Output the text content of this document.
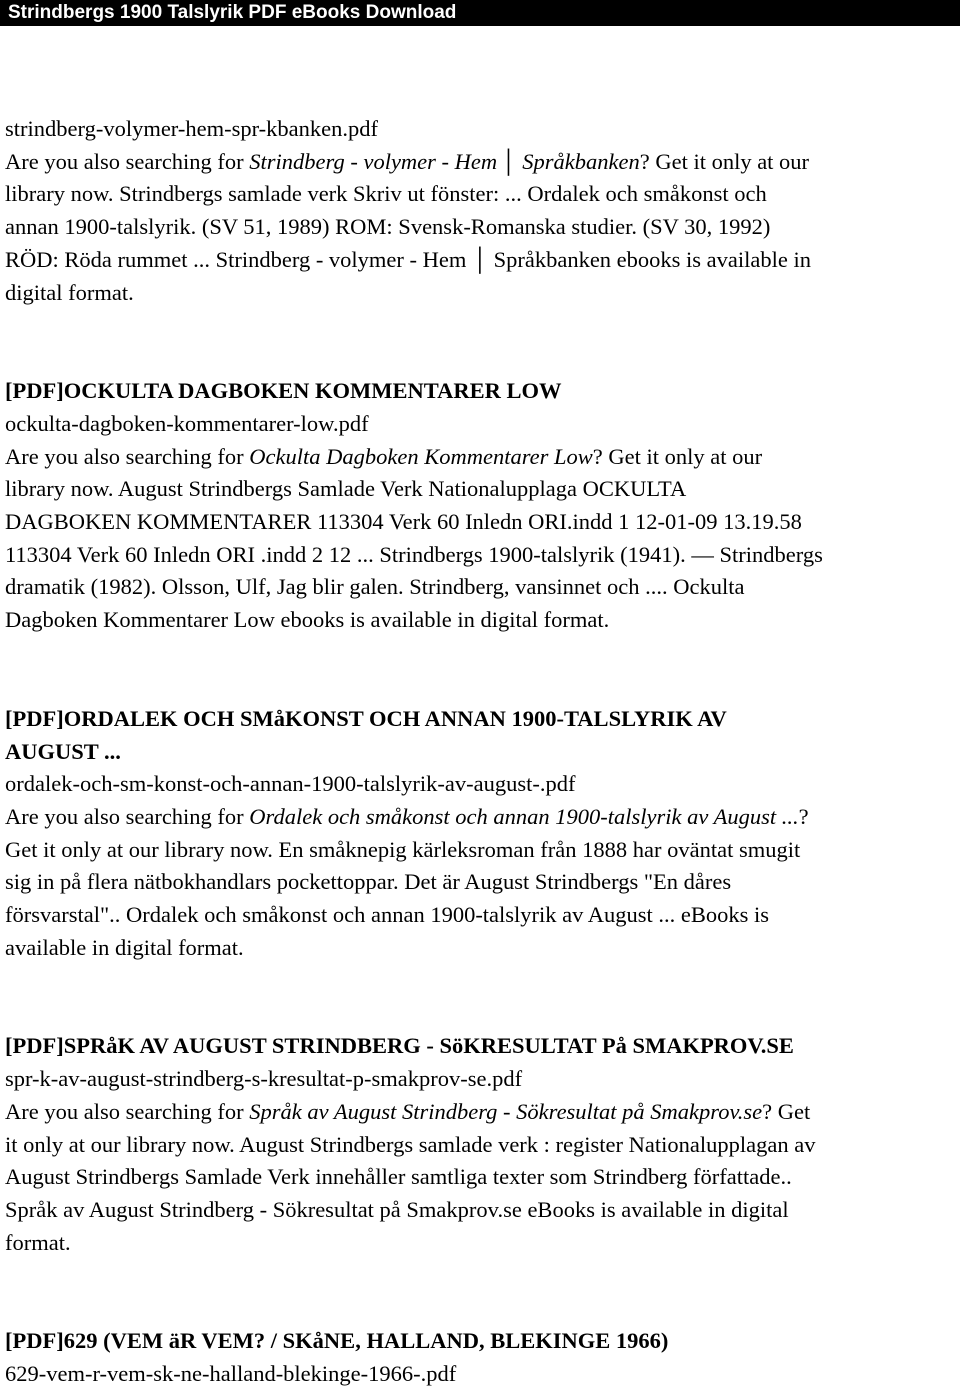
Strindbergs 1900 Talslyrik PDF eBooks Download
strindberg-volymer-hem-spr-kbanken.pdf
Are you also searching for Strindberg - volymer - Hem │ Språkbanken? Get it only at our
library now. Strindbergs samlade verk Skriv ut fönster: ... Ordalek och småkonst och
annan 1900-talslyrik. (SV 51, 1989) ROM: Svensk-Romanska studier. (SV 30, 1992)
RÖD: Röda rummet ... Strindberg - volymer - Hem │ Språkbanken ebooks is available in
digital format.
[PDF]OCKULTA DAGBOKEN KOMMENTARER LOW
ockulta-dagboken-kommentarer-low.pdf
Are you also searching for Ockulta Dagboken Kommentarer Low? Get it only at our
library now. August Strindbergs Samlade Verk Nationalupplaga OCKULTA
DAGBOKEN KOMMENTARER 113304 Verk 60 Inledn ORI.indd 1 12-01-09 13.19.58
113304 Verk 60 Inledn ORI .indd 2 12 ... Strindbergs 1900-talslyrik (1941). — Strindbergs
dramatik (1982). Olsson, Ulf, Jag blir galen. Strindberg, vansinnet och .... Ockulta
Dagboken Kommentarer Low ebooks is available in digital format.
[PDF]ORDALEK OCH SMåKONST OCH ANNAN 1900-TALSLYRIK AV
AUGUST ...
ordalek-och-sm-konst-och-annan-1900-talslyrik-av-august-.pdf
Are you also searching for Ordalek och småkonst och annan 1900-talslyrik av August ...?
Get it only at our library now. En småknepig kärleksroman från 1888 har oväntat smugit
sig in på flera nätbokhandlars pockettoppar. Det är August Strindbergs "En dåres
försvarstal".. Ordalek och småkonst och annan 1900-talslyrik av August ... eBooks is
available in digital format.
[PDF]SPRåK AV AUGUST STRINDBERG - SöKRESULTAT På SMAKPROV.SE
spr-k-av-august-strindberg-s-kresultat-p-smakprov-se.pdf
Are you also searching for Språk av August Strindberg - Sökresultat på Smakprov.se? Get
it only at our library now. August Strindbergs samlade verk : register Nationalupplagan av
August Strindbergs Samlade Verk innehåller samtliga texter som Strindberg författade..
Språk av August Strindberg - Sökresultat på Smakprov.se eBooks is available in digital
format.
[PDF]629 (VEM äR VEM? / SKåNE, HALLAND, BLEKINGE 1966)
629-vem-r-vem-sk-ne-halland-blekinge-1966-.pdf
